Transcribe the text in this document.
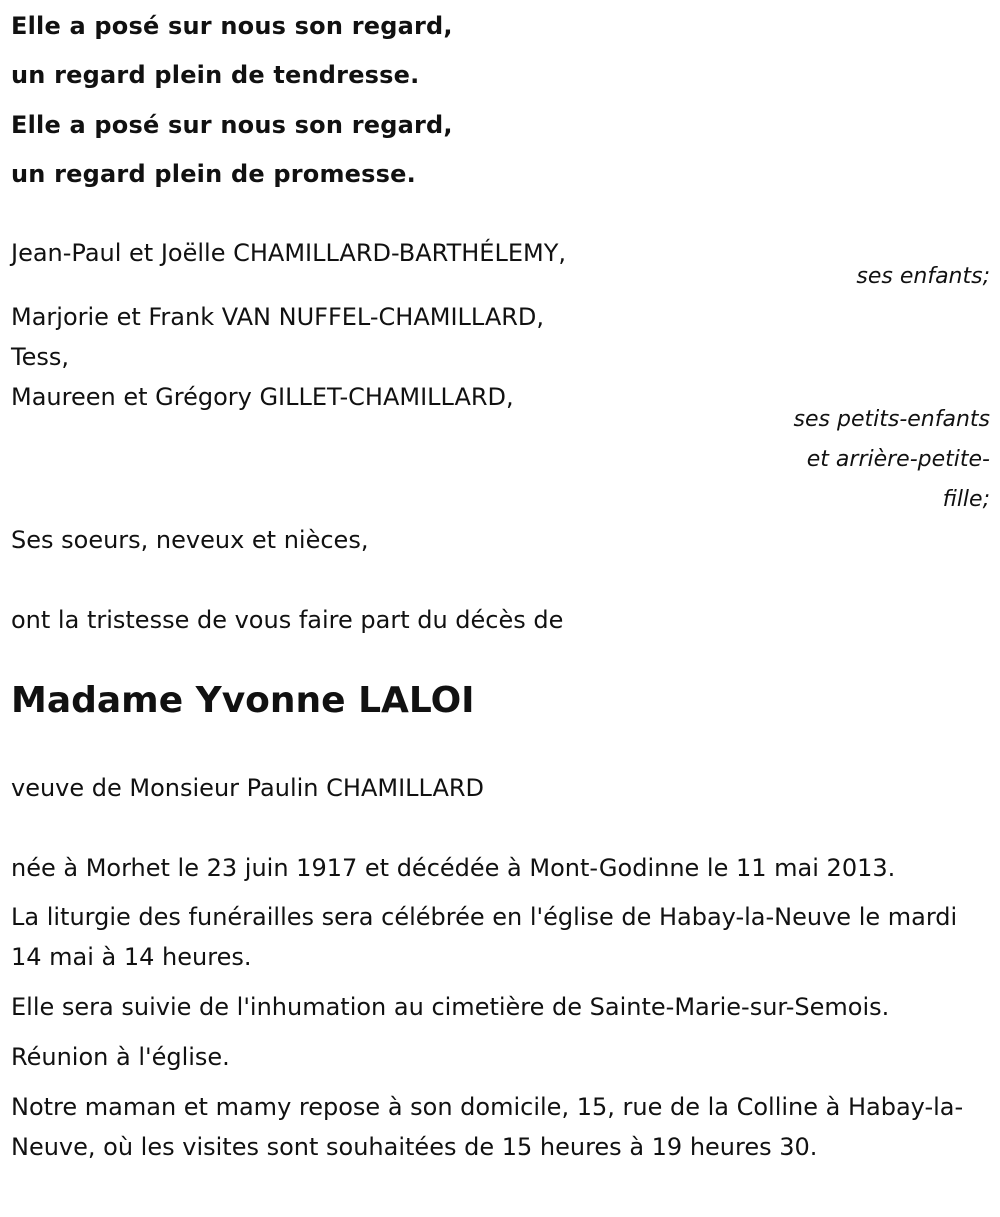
Elle a posé sur nous son regard,
un regard plein de tendresse.
Elle a posé sur nous son regard,
un regard plein de promesse.
Jean-Paul et Joëlle CHAMILLARD-BARTHÉLEMY,
ses enfants;
Marjorie et Frank VAN NUFFEL-CHAMILLARD,
Tess,
Maureen et Grégory GILLET-CHAMILLARD,
ses petits-enfants
et arrière-petite-
fille;
Ses soeurs, neveux et nièces,
ont la tristesse de vous faire part du décès de
Madame Yvonne LALOI
veuve de Monsieur Paulin CHAMILLARD
née à Morhet le 23 juin 1917 et décédée à Mont-Godinne le 11 mai 2013.
La liturgie des funérailles sera célébrée en l'église de Habay-la-Neuve le mardi 14 mai à 14 heures.
Elle sera suivie de l'inhumation au cimetière de Sainte-Marie-sur-Semois.
Réunion à l'église.
Notre maman et mamy repose à son domicile, 15, rue de la Colline à Habay-la-Neuve, où les visites sont souhaitées de 15 heures à 19 heures 30.
